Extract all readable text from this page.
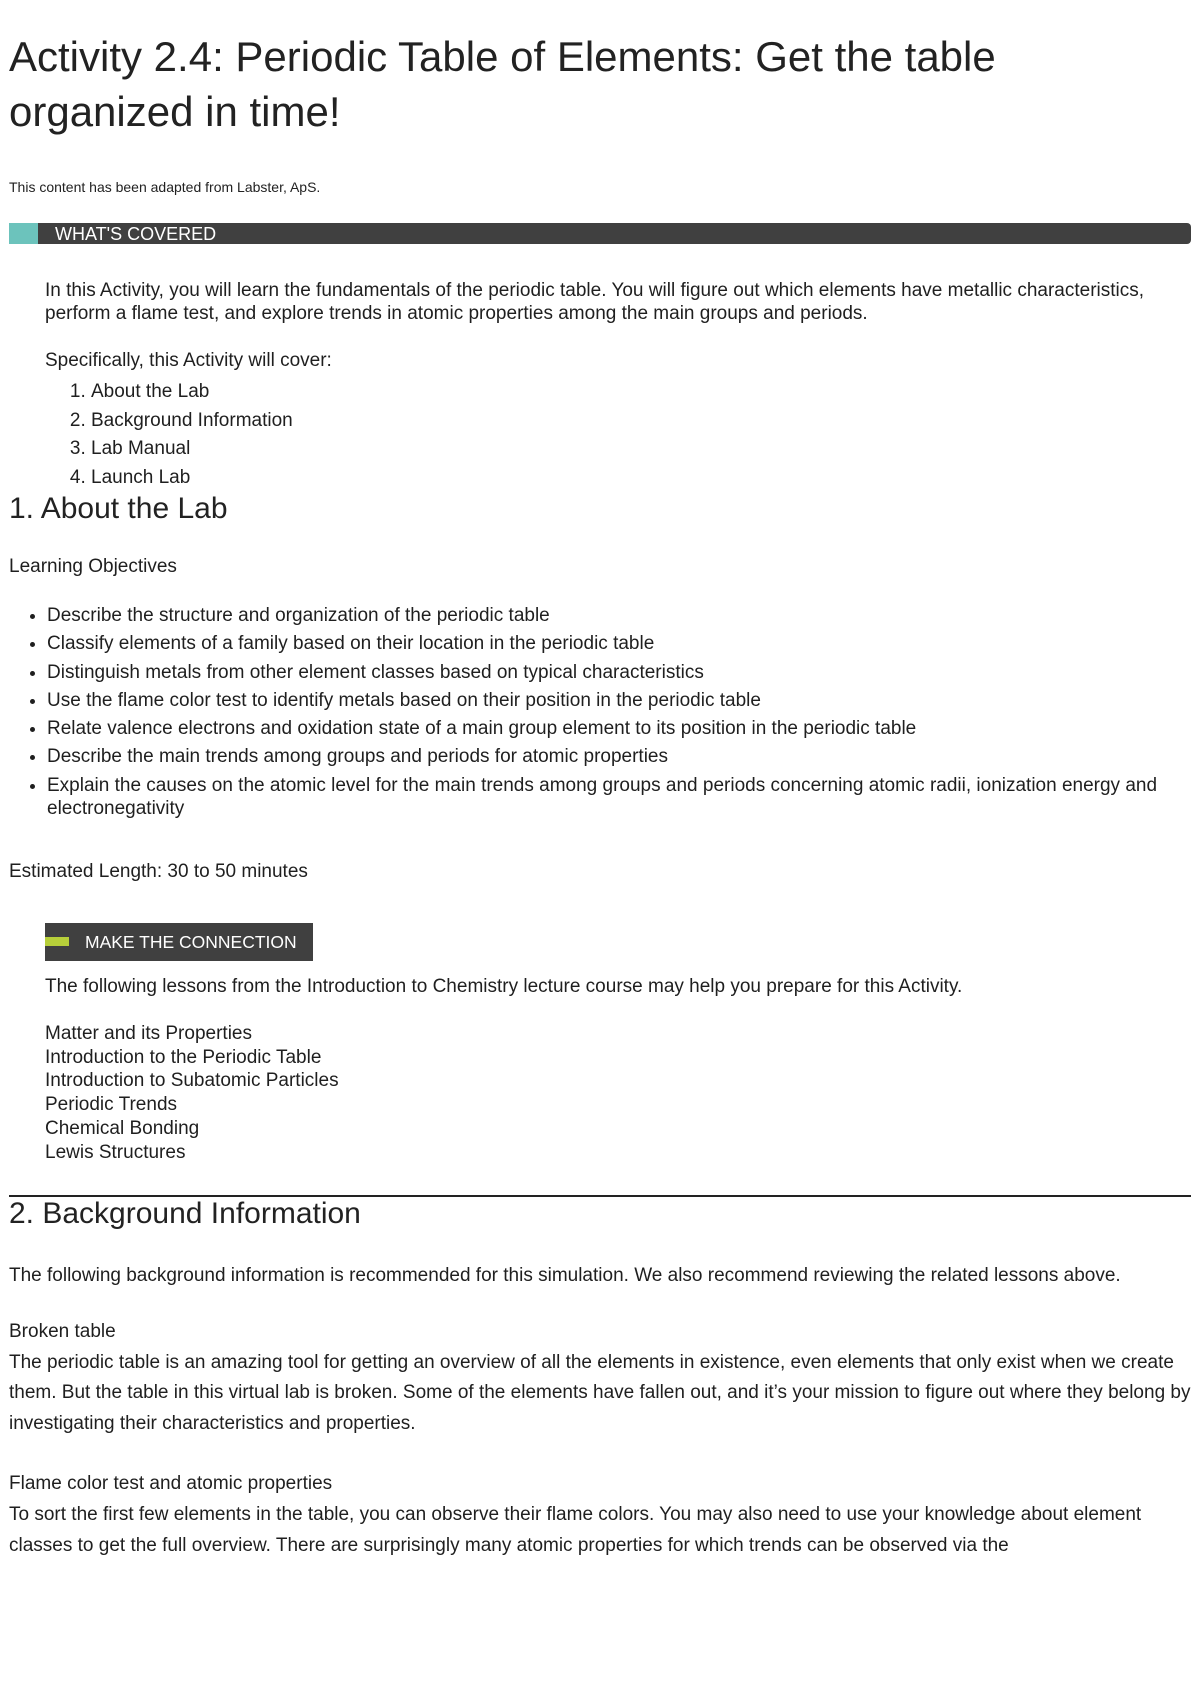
Activity 2.4: Periodic Table of Elements: Get the table organized in time!
This content has been adapted from Labster, ApS.
WHAT'S COVERED

In this Activity, you will learn the fundamentals of the periodic table. You will figure out which elements have metallic characteristics, perform a flame test, and explore trends in atomic properties among the main groups and periods.

Specifically, this Activity will cover:

1. About the Lab
2. Background Information
3. Lab Manual
4. Launch Lab
1. About the Lab
Learning Objectives
• Describe the structure and organization of the periodic table
• Classify elements of a family based on their location in the periodic table
• Distinguish metals from other element classes based on typical characteristics
• Use the flame color test to identify metals based on their position in the periodic table
• Relate valence electrons and oxidation state of a main group element to its position in the periodic table
• Describe the main trends among groups and periods for atomic properties
• Explain the causes on the atomic level for the main trends among groups and periods concerning atomic radii, ionization energy and electronegativity
Estimated Length: 30 to 50 minutes
MAKE THE CONNECTION
The following lessons from the Introduction to Chemistry lecture course may help you prepare for this Activity.
Matter and its Properties
Introduction to the Periodic Table
Introduction to Subatomic Particles
Periodic Trends
Chemical Bonding
Lewis Structures
2. Background Information
The following background information is recommended for this simulation. We also recommend reviewing the related lessons above.
Broken table
The periodic table is an amazing tool for getting an overview of all the elements in existence, even elements that only exist when we create them. But the table in this virtual lab is broken. Some of the elements have fallen out, and it’s your mission to figure out where they belong by investigating their characteristics and properties.
Flame color test and atomic properties
To sort the first few elements in the table, you can observe their flame colors. You may also need to use your knowledge about element classes to get the full overview. There are surprisingly many atomic properties for which trends can be observed via the
